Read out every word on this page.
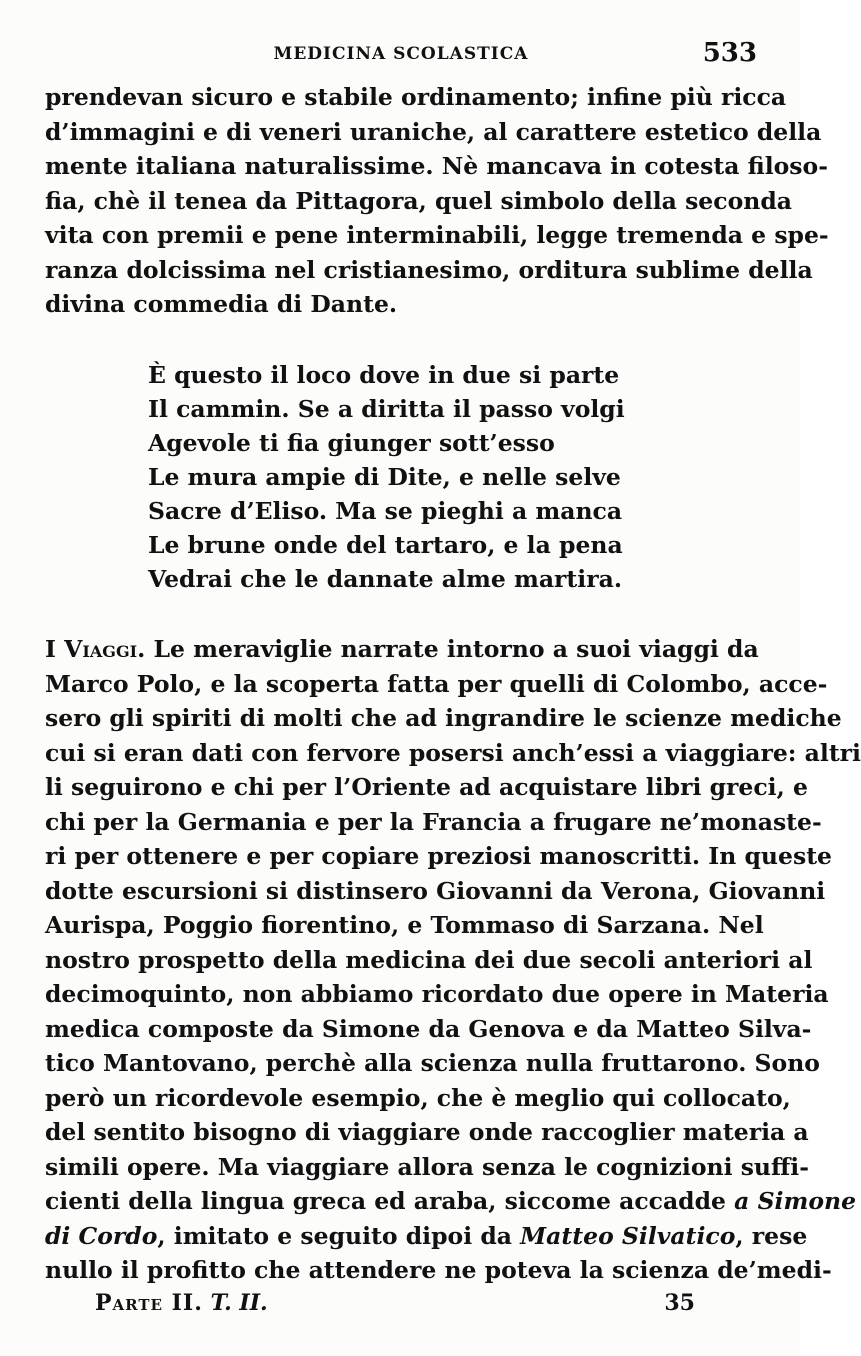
MEDICINA SCOLASTICA	533
prendevan sicuro e stabile ordinamento; infine più ricca
d’immagini e di veneri uraniche, al carattere estetico della
mente italiana naturalissime. Nè mancava in cotesta filoso-
fia, chè il tenea da Pittagora, quel simbolo della seconda
vita con premii e pene interminabili, legge tremenda e spe-
ranza dolcissima nel cristianesimo, orditura sublime della
divina commedia di Dante.
È questo il loco dove in due si parte
Il cammin. Se a diritta il passo volgi
Agevole ti fia giunger sott’esso
Le mura ampie di Dite, e nelle selve
Sacre d’Eliso. Ma se pieghi a manca
Le brune onde del tartaro, e la pena
Vedrai che le dannate alme martira.
I Viaggi. Le meraviglie narrate intorno a suoi viaggi da
Marco Polo, e la scoperta fatta per quelli di Colombo, acce-
sero gli spiriti di molti che ad ingrandire le scienze mediche
cui si eran dati con fervore posersi anch’essi a viaggiare: altri
li seguirono e chi per l’Oriente ad acquistare libri greci, e
chi per la Germania e per la Francia a frugare ne’monaste-
ri per ottenere e per copiare preziosi manoscritti. In queste
dotte escursioni si distinsero Giovanni da Verona, Giovanni
Aurispa, Poggio fiorentino, e Tommaso di Sarzana. Nel
nostro prospetto della medicina dei due secoli anteriori al
decimoquinto, non abbiamo ricordato due opere in Materia
medica composte da Simone da Genova e da Matteo Silva-
tico Mantovano, perchè alla scienza nulla fruttarono. Sono
però un ricordevole esempio, che è meglio qui collocato,
del sentito bisogno di viaggiare onde raccoglier materia a
simili opere. Ma viaggiare allora senza le cognizioni suffi-
cienti della lingua greca ed araba, siccome accadde a Simone
di Cordo, imitato e seguito dipoi da Matteo Silvatico, rese
nullo il profitto che attendere ne poteva la scienza de’medi-
Parte II. T. II.	35
